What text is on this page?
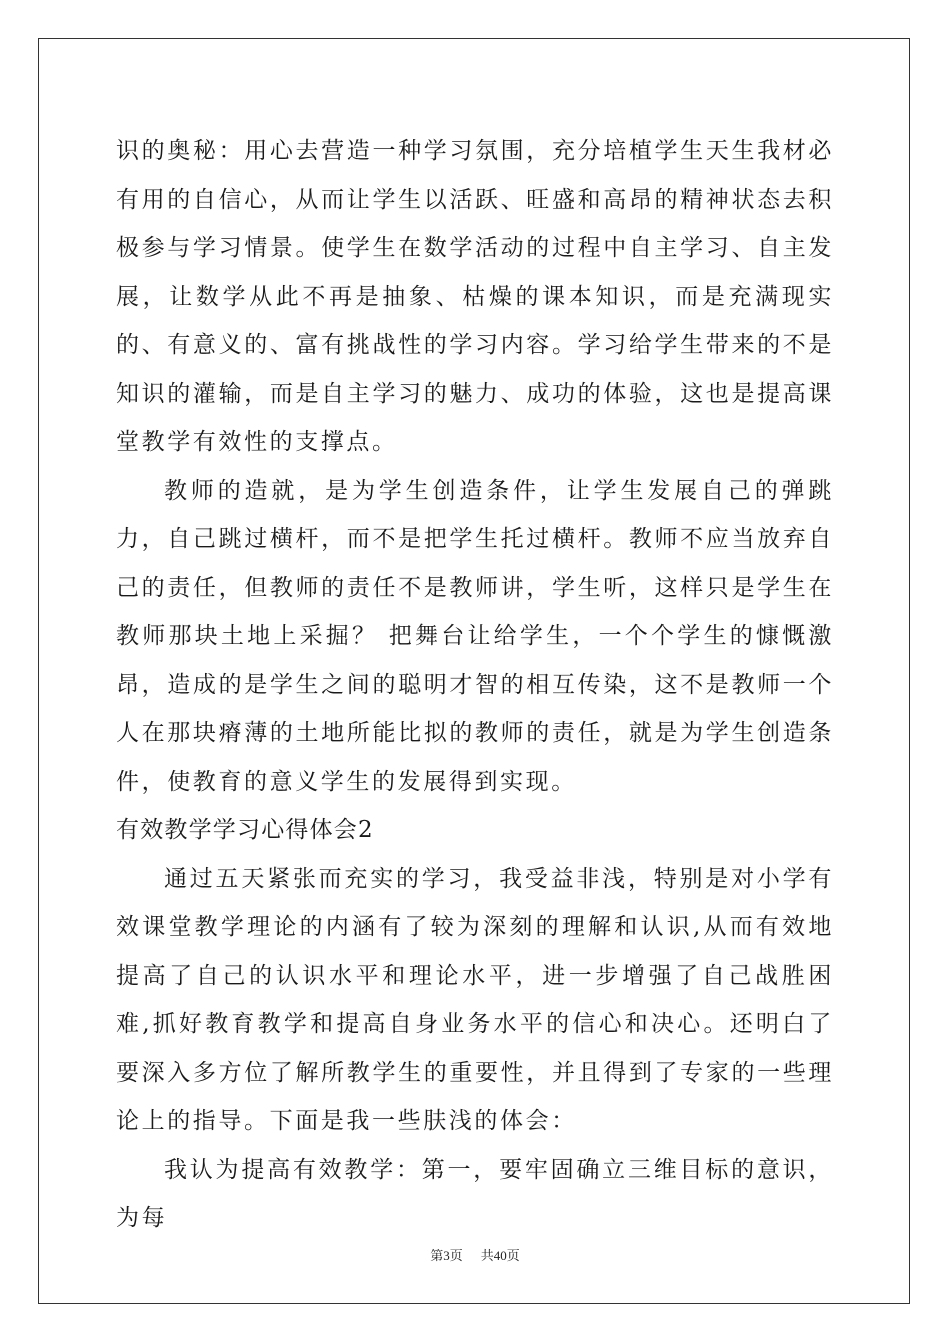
识的奥秘：用心去营造一种学习氛围，充分培植学生天生我材必有用的自信心，从而让学生以活跃、旺盛和高昂的精神状态去积极参与学习情景。使学生在数学活动的过程中自主学习、自主发展，让数学从此不再是抽象、枯燥的课本知识，而是充满现实的、有意义的、富有挑战性的学习内容。学习给学生带来的不是知识的灌输，而是自主学习的魅力、成功的体验，这也是提高课堂教学有效性的支撑点。

教师的造就，是为学生创造条件，让学生发展自己的弹跳力，自己跳过横杆，而不是把学生托过横杆。教师不应当放弃自己的责任，但教师的责任不是教师讲，学生听，这样只是学生在教师那块土地上采掘？ 把舞台让给学生，一个个学生的慷慨激昂，造成的是学生之间的聪明才智的相互传染，这不是教师一个人在那块瘠薄的土地所能比拟的教师的责任，就是为学生创造条件，使教育的意义学生的发展得到实现。

有效教学学习心得体会2

通过五天紧张而充实的学习，我受益非浅，特别是对小学有效课堂教学理论的内涵有了较为深刻的理解和认识,从而有效地提高了自己的认识水平和理论水平，进一步增强了自己战胜困难,抓好教育教学和提高自身业务水平的信心和决心。还明白了要深入多方位了解所教学生的重要性，并且得到了专家的一些理论上的指导。下面是我一些肤浅的体会：

我认为提高有效教学：第一，要牢固确立三维目标的意识，为每

第3页 共40页
